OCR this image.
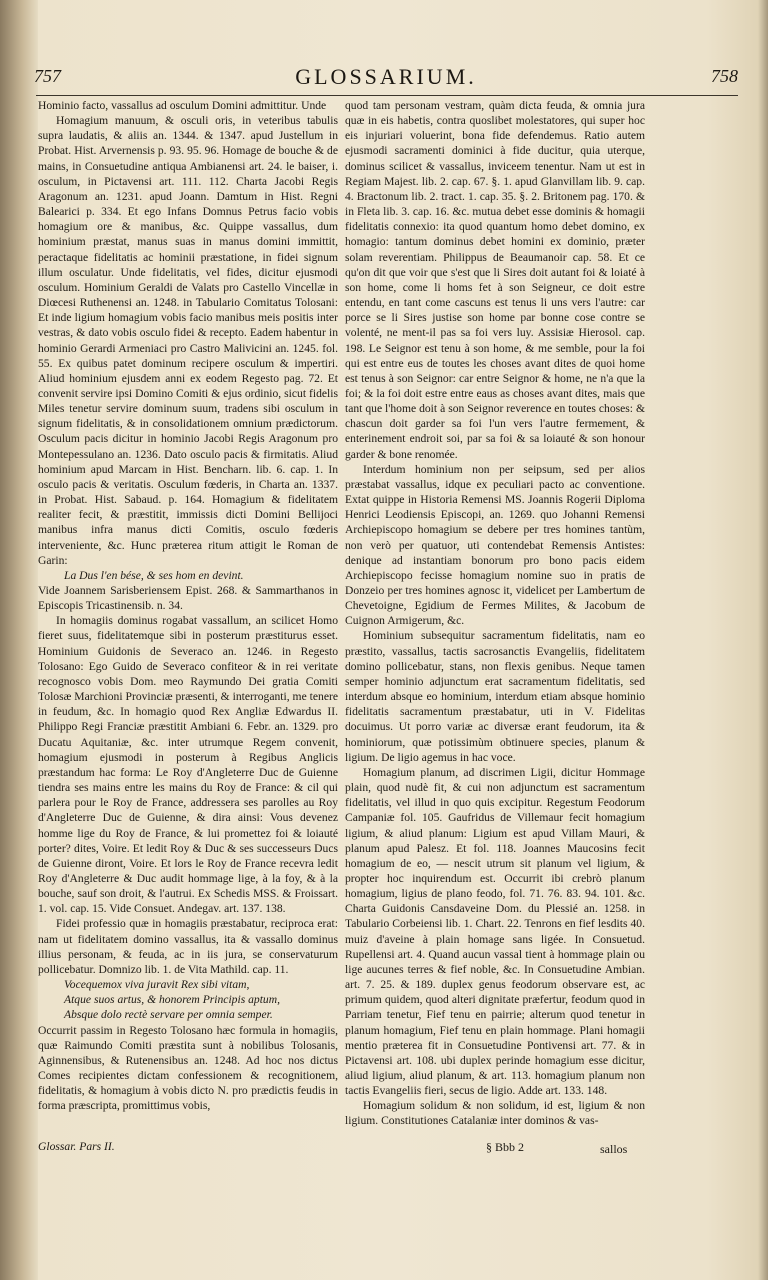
757	GLOSSARIUM.	758

Hominio facto, vassallus ad osculum Domini admittitur. Unde

Homagium manuum, & osculi oris, in veteribus tabulis supra laudatis, & aliis an. 1344. & 1347. apud Justellum in Probat. Hist. Arvernensis p. 93. 95. 96. Homage de bouche & de mains, in Consuetudine antiqua Ambianensi art. 24. le baiser, i. osculum, in Pictavensi art. 111. 112. Charta Jacobi Regis Aragonum an. 1231. apud Joann. Damtum in Hist. Regni Balearici p. 334. Et ego Infans Domnus Petrus facio vobis homagium ore & manibus, &c. Quippe vassallus, dum hominium præstat, manus suas in manus domini immittit, peractaque fidelitatis ac hominii præstatione, in fidei signum illum osculatur. Unde fidelitatis, vel fides, dicitur ejusmodi osculum. Hominium Geraldi de Valats pro Castello Vincellæ in Diœcesi Ruthenensi an. 1248. in Tabulario Comitatus Tolosani: Et inde ligium homagium vobis facio manibus meis positis inter vestras, & dato vobis osculo fidei & recepto. Eadem habentur in hominio Gerardi Armeniaci pro Castro Malivicini an. 1245. fol. 55. Ex quibus patet dominum recipere osculum & impertiri. Aliud hominium ejusdem anni ex eodem Regesto pag. 72. Et convenit servire ipsi Domino Comiti & ejus ordinio, sicut fidelis Miles tenetur servire dominum suum, tradens sibi osculum in signum fidelitatis, & in consolidationem omnium prædictorum. Osculum pacis dicitur in hominio Jacobi Regis Aragonum pro Montepessulano an. 1236. Dato osculo pacis & firmitatis. Aliud hominium apud Marcam in Hist. Bencharn. lib. 6. cap. 1. In osculo pacis & veritatis. Osculum fœderis, in Charta an. 1337. in Probat. Hist. Sabaud. p. 164. Homagium & fidelitatem realiter fecit, & præstitit, immissis dicti Domini Bellijoci manibus infra manus dicti Comitis, osculo fœderis interveniente, &c. Hunc præterea ritum attigit le Roman de Garin:

La Dus l'en bése, & ses hom en devint.

Vide Joannem Sarisberiensem Epist. 268. & Sammarthanos in Episcopis Tricastinensib. n. 34.

In homagiis dominus rogabat vassallum, an scilicet Homo fieret suus, fidelitatemque sibi in posterum præstiturus esset. Hominium Guidonis de Severaco an. 1246. in Regesto Tolosano: Ego Guido de Severaco confiteor & in rei veritate recognosco vobis Dom. meo Raymundo Dei gratia Comiti Tolosæ Marchioni Provinciæ præsenti, & interroganti, me tenere in feudum, &c. In homagio quod Rex Angliæ Edwardus II. Philippo Regi Franciæ præstitit Ambiani 6. Febr. an. 1329. pro Ducatu Aquitaniæ, &c. inter utrumque Regem convenit, homagium ejusmodi in posterum à Regibus Anglicis præstandum hac forma: Le Roy d'Angleterre Duc de Guienne tiendra ses mains entre les mains du Roy de France: & cil qui parlera pour le Roy de France, addressera ses parolles au Roy d'Angleterre Duc de Guienne, & dira ainsi: Vous devenez homme lige du Roy de France, & lui promettez foi & loiauté porter? dites, Voire. Et ledit Roy & Duc & ses successeurs Ducs de Guienne diront, Voire. Et lors le Roy de France recevra ledit Roy d'Angleterre & Duc audit hommage lige, à la foy, & à la bouche, sauf son droit, & l'autrui. Ex Schedis MSS. & Froissart. 1. vol. cap. 15. Vide Consuet. Andegav. art. 137. 138.

Fidei professio quæ in homagiis præstabatur, reciproca erat: nam ut fidelitatem domino vassallus, ita & vassallo dominus illius personam, & feuda, ac in iis jura, se conservaturum pollicebatur. Domnizo lib. 1. de Vita Mathild. cap. 11.

Vocequemox viva juravit Rex sibi vitam,

Atque suos artus, & honorem Principis aptum,

Absque dolo rectè servare per omnia semper.

Occurrit passim in Regesto Tolosano hæc formula in homagiis, quæ Raimundo Comiti præstita sunt à nobilibus Tolosanis, Aginnensibus, & Rutenensibus an. 1248. Ad hoc nos dictus Comes recipientes dictam confessionem & recognitionem, fidelitatis, & homagium à vobis dicto N. pro prædictis feudis in forma præscripta, promittimus vobis,

quod tam personam vestram, quàm dicta feuda, & omnia jura quæ in eis habetis, contra quoslibet molestatores, qui super hoc eis injuriari voluerint, bona fide defendemus. Ratio autem ejusmodi sacramenti dominici à fide ducitur, quia uterque, dominus scilicet & vassallus, inviceem tenentur. Nam ut est in Regiam Majest. lib. 2. cap. 67. §. 1. apud Glanvillam lib. 9. cap. 4. Bractonum lib. 2. tract. 1. cap. 35. §. 2. Britonem pag. 170. & in Fleta lib. 3. cap. 16. &c. mutua debet esse dominis & homagii fidelitatis connexio: ita quod quantum homo debet domino, ex homagio: tantum dominus debet homini ex dominio, præter solam reverentiam. Philippus de Beaumanoir cap. 58. Et ce qu'on dit que voir que s'est que li Sires doit autant foi & loiaté à son home, come li homs fet à son Seigneur, ce doit estre entendu, en tant come cascuns est tenus li uns vers l'autre: car porce se li Sires justise son home par bonne cose contre se volenté, ne ment-il pas sa foi vers luy. Assisiæ Hierosol. cap. 198. Le Seignor est tenu à son home, & me semble, pour la foi qui est entre eus de toutes les choses avant dites de quoi home est tenus à son Seignor: car entre Seignor & home, ne n'a que la foi; & la foi doit estre entre eaus as choses avant dites, mais que tant que l'home doit à son Seignor reverence en toutes choses: & chascun doit garder sa foi l'un vers l'autre fermement, & enterinement endroit soi, par sa foi & sa loiauté & son honour garder & bone renomée.

Interdum hominium non per seipsum, sed per alios præstabat vassallus, idque ex peculiari pacto ac conventione. Extat quippe in Historia Remensi MS. Joannis Rogerii Diploma Henrici Leodiensis Episcopi, an. 1269. quo Johanni Remensi Archiepiscopo homagium se debere per tres homines tantùm, non verò per quatuor, uti contendebat Remensis Antistes: denique ad instantiam bonorum pro bono pacis eidem Archiepiscopo fecisse homagium nomine suo in pratis de Donzeio per tres homines agnosc it, videlicet per Lambertum de Chevetoigne, Egidium de Fermes Milites, & Jacobum de Cuignon Armigerum, &c.

Hominium subsequitur sacramentum fidelitatis, nam eo præstito, vassallus, tactis sacrosanctis Evangeliis, fidelitatem domino pollicebatur, stans, non flexis genibus. Neque tamen semper hominio adjunctum erat sacramentum fidelitatis, sed interdum absque eo hominium, interdum etiam absque hominio fidelitatis sacramentum præstabatur, uti in V. Fidelitas docuimus. Ut porro variæ ac diversæ erant feudorum, ita & hominiorum, quæ potissimùm obtinuere species, planum & ligium. De ligio agemus in hac voce.

Homagium planum, ad discrimen Ligii, dicitur Hommage plain, quod nudè fit, & cui non adjunctum est sacramentum fidelitatis, vel illud in quo quis excipitur. Regestum Feodorum Campaniæ fol. 105. Gaufridus de Villemaur fecit homagium ligium, & aliud planum: Ligium est apud Villam Mauri, & planum apud Palesz. Et fol. 118. Joannes Maucosins fecit homagium de eo, — nescit utrum sit planum vel ligium, & propter hoc inquirendum est. Occurrit ibi crebrò planum homagium, ligius de plano feodo, fol. 71. 76. 83. 94. 101. &c. Charta Guidonis Cansdaveine Dom. du Plessié an. 1258. in Tabulario Corbeiensi lib. 1. Chart. 22. Tenrons en fief lesdits 40. muiz d'aveine à plain homage sans ligée. In Consuetud. Rupellensi art. 4. Quand aucun vassal tient à hommage plain ou lige aucunes terres & fief noble, &c. In Consuetudine Ambian. art. 7. 25. & 189. duplex genus feodorum observare est, ac primum quidem, quod alteri dignitate præfertur, feodum quod in Parriam tenetur, Fief tenu en pairrie; alterum quod tenetur in planum homagium, Fief tenu en plain hommage. Plani homagii mentio præterea fit in Consuetudine Pontivensi art. 77. & in Pictavensi art. 108. ubi duplex perinde homagium esse dicitur, aliud ligium, aliud planum, & art. 113. homagium planum non tactis Evangeliis fieri, secus de ligio. Adde art. 133. 148.

Homagium solidum & non solidum, id est, ligium & non ligium. Constitutiones Catalaniæ inter dominos & vas-

Glossar. Pars II.	§ Bbb 2	sallos
